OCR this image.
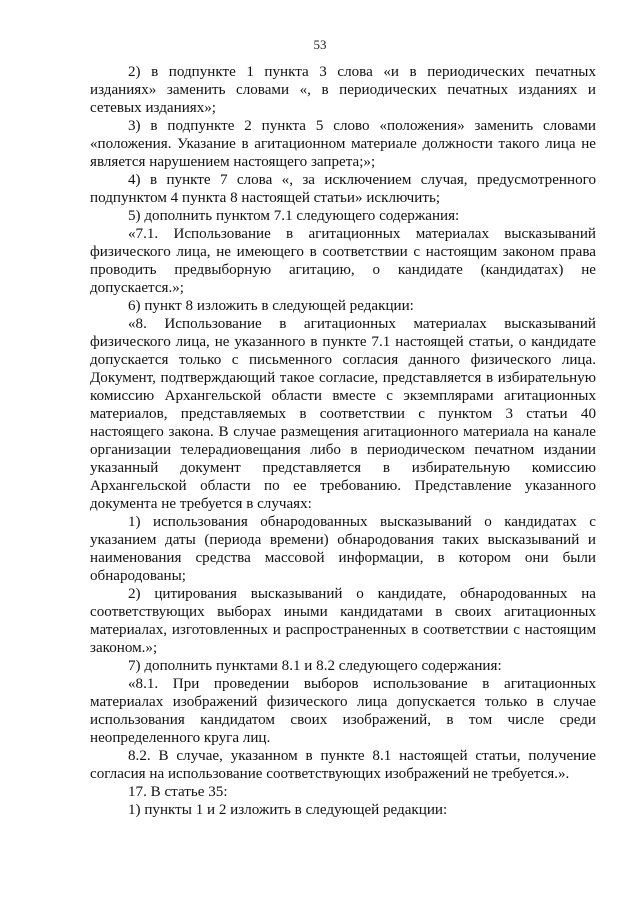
53

2) в подпункте 1 пункта 3 слова «и в периодических печатных изданиях» заменить словами «, в периодических печатных изданиях и сетевых изданиях»;

3) в подпункте 2 пункта 5 слово «положения» заменить словами «положения. Указание в агитационном материале должности такого лица не является нарушением настоящего запрета;»;

4) в пункте 7 слова «, за исключением случая, предусмотренного подпунктом 4 пункта 8 настоящей статьи» исключить;

5) дополнить пунктом 7.1 следующего содержания:

«7.1. Использование в агитационных материалах высказываний физического лица, не имеющего в соответствии с настоящим законом права проводить предвыборную агитацию, о кандидате (кандидатах) не допускается.»;

6) пункт 8 изложить в следующей редакции:

«8. Использование в агитационных материалах высказываний физического лица, не указанного в пункте 7.1 настоящей статьи, о кандидате допускается только с письменного согласия данного физического лица. Документ, подтверждающий такое согласие, представляется в избирательную комиссию Архангельской области вместе с экземплярами агитационных материалов, представляемых в соответствии с пунктом 3 статьи 40 настоящего закона. В случае размещения агитационного материала на канале организации телерадиовещания либо в периодическом печатном издании указанный документ представляется в избирательную комиссию Архангельской области по ее требованию. Представление указанного документа не требуется в случаях:

1) использования обнародованных высказываний о кандидатах с указанием даты (периода времени) обнародования таких высказываний и наименования средства массовой информации, в котором они были обнародованы;

2) цитирования высказываний о кандидате, обнародованных на соответствующих выборах иными кандидатами в своих агитационных материалах, изготовленных и распространенных в соответствии с настоящим законом.»;

7) дополнить пунктами 8.1 и 8.2 следующего содержания:

«8.1. При проведении выборов использование в агитационных материалах изображений физического лица допускается только в случае использования кандидатом своих изображений, в том числе среди неопределенного круга лиц.

8.2. В случае, указанном в пункте 8.1 настоящей статьи, получение согласия на использование соответствующих изображений не требуется.».

17. В статье 35:

1) пункты 1 и 2 изложить в следующей редакции:
